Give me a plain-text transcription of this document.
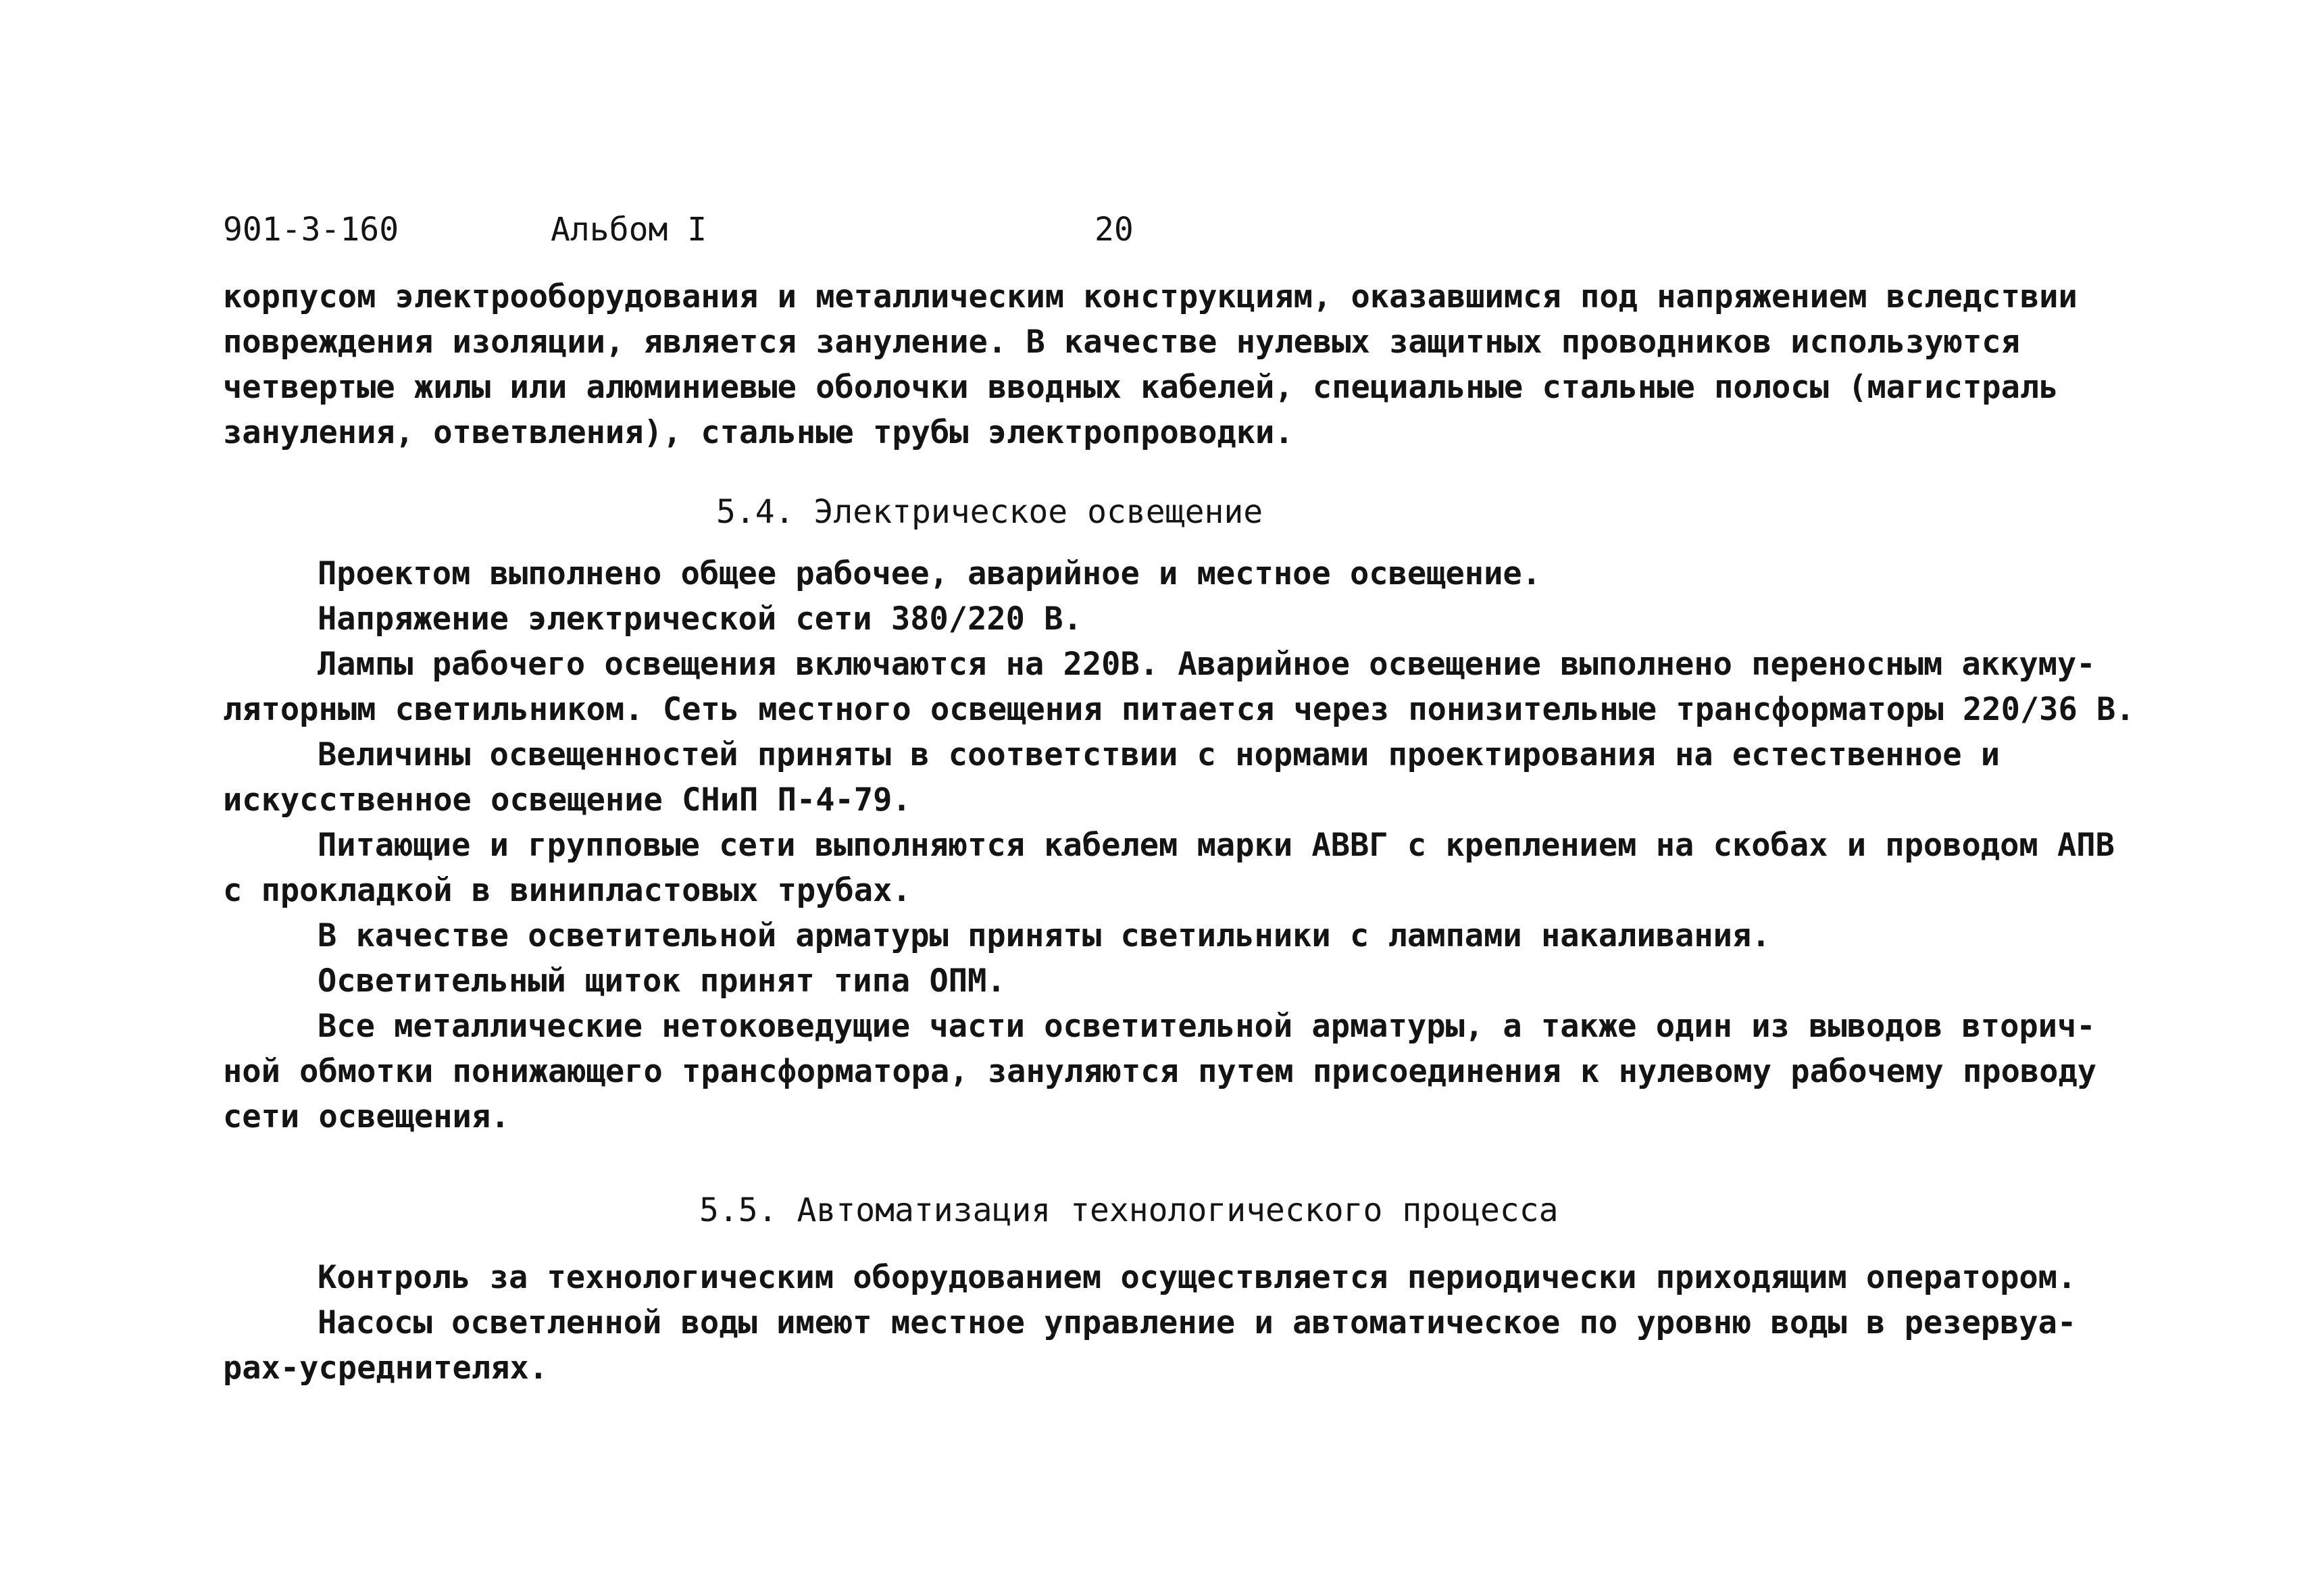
901-3-160	Альбом I	20
корпусом электрооборудования и металлическим конструкциям, оказавшимся под напряжением вследствии
повреждения изоляции, является зануление. В качестве нулевых защитных проводников используются
четвертые жилы или алюминиевые оболочки вводных кабелей, специальные стальные полосы (магистраль
зануления, ответвления), стальные трубы электропроводки.
5.4. Электрическое освещение
Проектом выполнено общее рабочее, аварийное и местное освещение.
Напряжение электрической сети 380/220 В.
Лампы рабочего освещения включаются на 220В. Аварийное освещение выполнено переносным аккуму-
ляторным светильником. Сеть местного освещения питается через понизительные трансформаторы 220/36 В.
Величины освещенностей приняты в соответствии с нормами проектирования на естественное и
искусственное освещение СНиП П-4-79.
Питающие и групповые сети выполняются кабелем марки АВВГ с креплением на скобах и проводом АПВ
с прокладкой в винипластовых трубах.
В качестве осветительной арматуры приняты светильники с лампами накаливания.
Осветительный щиток принят типа ОПМ.
Все металлические нетоковедущие части осветительной арматуры, а также один из выводов вторич-
ной обмотки понижающего трансформатора, зануляются путем присоединения к нулевому рабочему проводу
сети освещения.
5.5. Автоматизация технологического процесса
Контроль за технологическим оборудованием осуществляется периодически приходящим оператором.
Насосы осветленной воды имеют местное управление и автоматическое по уровню воды в резервуа-
рах-усреднителях.
